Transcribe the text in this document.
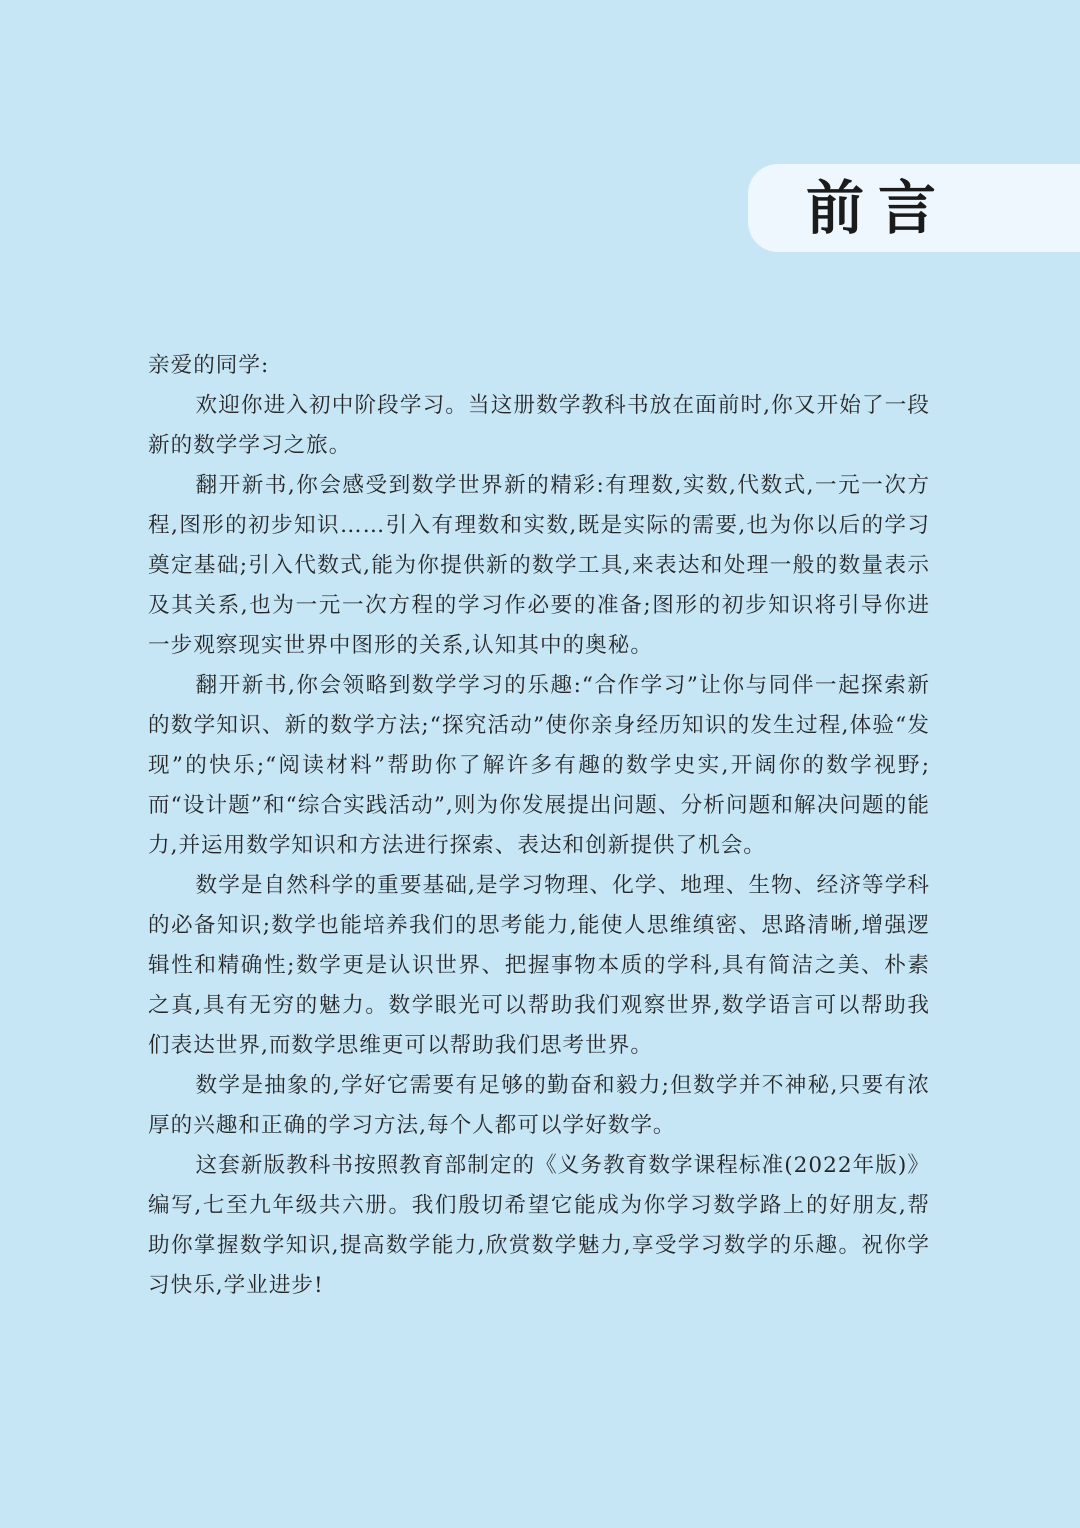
前言

亲爱的同学:

欢迎你进入初中阶段学习。当这册数学教科书放在面前时,你又开始了一段新的数学学习之旅。

翻开新书,你会感受到数学世界新的精彩:有理数,实数,代数式,一元一次方程,图形的初步知识……引入有理数和实数,既是实际的需要,也为你以后的学习奠定基础;引入代数式,能为你提供新的数学工具,来表达和处理一般的数量表示及其关系,也为一元一次方程的学习作必要的准备;图形的初步知识将引导你进一步观察现实世界中图形的关系,认知其中的奥秘。

翻开新书,你会领略到数学学习的乐趣:“合作学习”让你与同伴一起探索新的数学知识、新的数学方法;“探究活动”使你亲身经历知识的发生过程,体验“发现”的快乐;“阅读材料”帮助你了解许多有趣的数学史实,开阔你的数学视野;而“设计题”和“综合实践活动”,则为你发展提出问题、分析问题和解决问题的能力,并运用数学知识和方法进行探索、表达和创新提供了机会。

数学是自然科学的重要基础,是学习物理、化学、地理、生物、经济等学科的必备知识;数学也能培养我们的思考能力,能使人思维缜密、思路清晰,增强逻辑性和精确性;数学更是认识世界、把握事物本质的学科,具有简洁之美、朴素之真,具有无穷的魅力。数学眼光可以帮助我们观察世界,数学语言可以帮助我们表达世界,而数学思维更可以帮助我们思考世界。

数学是抽象的,学好它需要有足够的勤奋和毅力;但数学并不神秘,只要有浓厚的兴趣和正确的学习方法,每个人都可以学好数学。

这套新版教科书按照教育部制定的《义务教育数学课程标准(2022年版)》编写,七至九年级共六册。我们殷切希望它能成为你学习数学路上的好朋友,帮助你掌握数学知识,提高数学能力,欣赏数学魅力,享受学习数学的乐趣。祝你学习快乐,学业进步!
